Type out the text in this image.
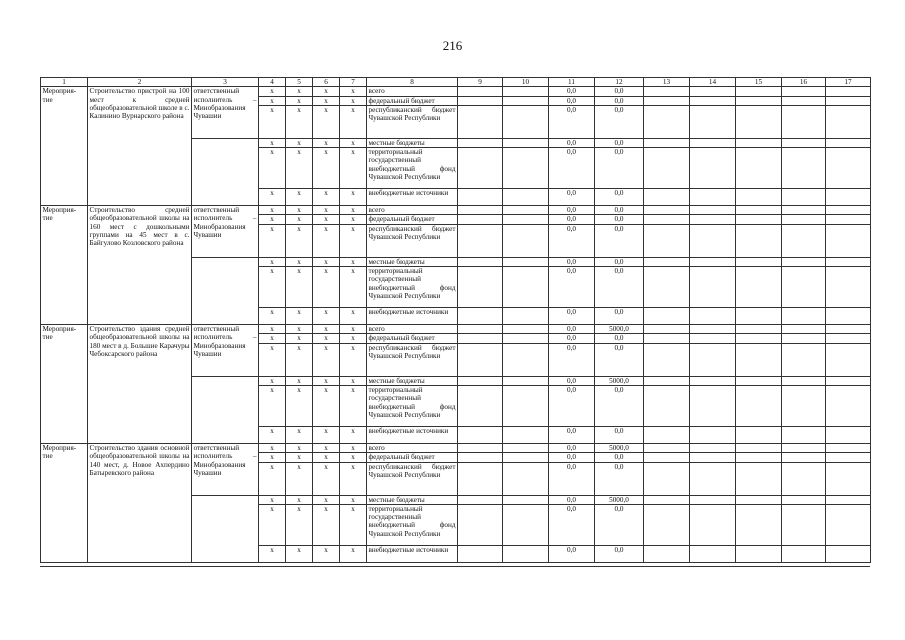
216
1	2	3	4	5	6	7	8	9	10	11	12	13	14	15	16	17
Мероприя-тие	Строительство пристрой на 100 мест к средней общеобразовательной школе в с. Калинино Вурнарского района	ответственный исполнитель – Минобразования Чувашии	x	x	x	x	всего			0,0	0,0					
			x	x	x	x	федеральный бюджет			0,0	0,0					
			x	x	x	x	республиканский бюджет Чувашской Республики			0,0	0,0					
			x	x	x	x	местные бюджеты			0,0	0,0					
			x	x	x	x	территориальный государственный внебюджетный фонд Чувашской Республики			0,0	0,0					
			x	x	x	x	внебюджетные источники			0,0	0,0					
Мероприя-тие	Строительство средней общеобразовательной школы на 160 мест с дошкольными группами на 45 мест в с. Байгулово Козловского района	ответственный исполнитель – Минобразования Чувашии	x	x	x	x	всего			0,0	0,0					
			x	x	x	x	федеральный бюджет			0,0	0,0					
			x	x	x	x	республиканский бюджет Чувашской Республики			0,0	0,0					
			x	x	x	x	местные бюджеты			0,0	0,0					
			x	x	x	x	территориальный государственный внебюджетный фонд Чувашской Республики			0,0	0,0					
			x	x	x	x	внебюджетные источники			0,0	0,0					
Мероприя-тие	Строительство здания средней общеобразовательной школы на 180 мест в д. Большие Карачуры Чебоксарского района	ответственный исполнитель – Минобразования Чувашии	x	x	x	x	всего			0,0	5000,0					
			x	x	x	x	федеральный бюджет			0,0	0,0					
			x	x	x	x	республиканский бюджет Чувашской Республики			0,0	0,0					
			x	x	x	x	местные бюджеты			0,0	5000,0					
			x	x	x	x	территориальный государственный внебюджетный фонд Чувашской Республики			0,0	0,0					
			x	x	x	x	внебюджетные источники			0,0	0,0					
Мероприя-тие	Строительство здания основной общеобразовательной школы на 140 мест, д. Новое Ахпердино Батыревского района	ответственный исполнитель – Минобразования Чувашии	x	x	x	x	всего			0,0	5000,0					
			x	x	x	x	федеральный бюджет			0,0	0,0					
			x	x	x	x	республиканский бюджет Чувашской Республики			0,0	0,0					
			x	x	x	x	местные бюджеты			0,0	5000,0					
			x	x	x	x	территориальный государственный внебюджетный фонд Чувашской Республики			0,0	0,0					
			x	x	x	x	внебюджетные источники			0,0	0,0					
